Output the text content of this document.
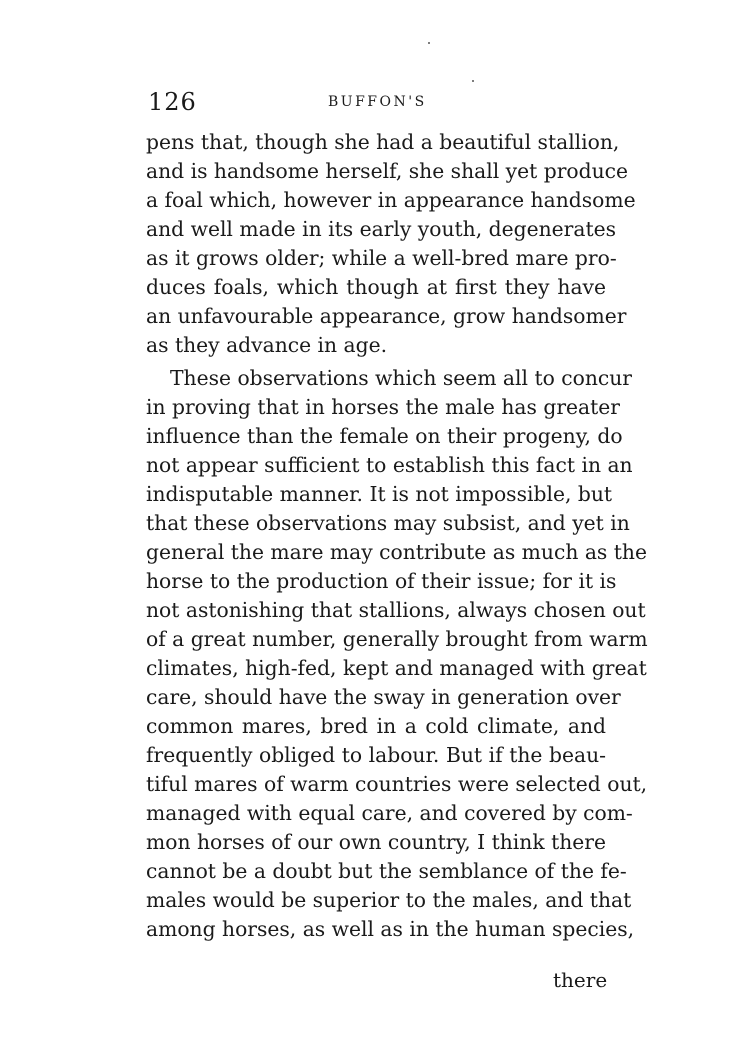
126	BUFFON'S
pens that, though she had a beautiful stallion,
and is handsome herself, she shall yet produce
a foal which, however in appearance handsome
and well made in its early youth, degenerates
as it grows older; while a well-bred mare pro-
duces foals, which though at first they have
an unfavourable appearance, grow handsomer
as they advance in age.
These observations which seem all to concur
in proving that in horses the male has greater
influence than the female on their progeny, do
not appear sufficient to establish this fact in an
indisputable manner. It is not impossible, but
that these observations may subsist, and yet in
general the mare may contribute as much as the
horse to the production of their issue; for it is
not astonishing that stallions, always chosen out
of a great number, generally brought from warm
climates, high-fed, kept and managed with great
care, should have the sway in generation over
common mares, bred in a cold climate, and
frequently obliged to labour. But if the beau-
tiful mares of warm countries were selected out,
managed with equal care, and covered by com-
mon horses of our own country, I think there
cannot be a doubt but the semblance of the fe-
males would be superior to the males, and that
among horses, as well as in the human species,
there
